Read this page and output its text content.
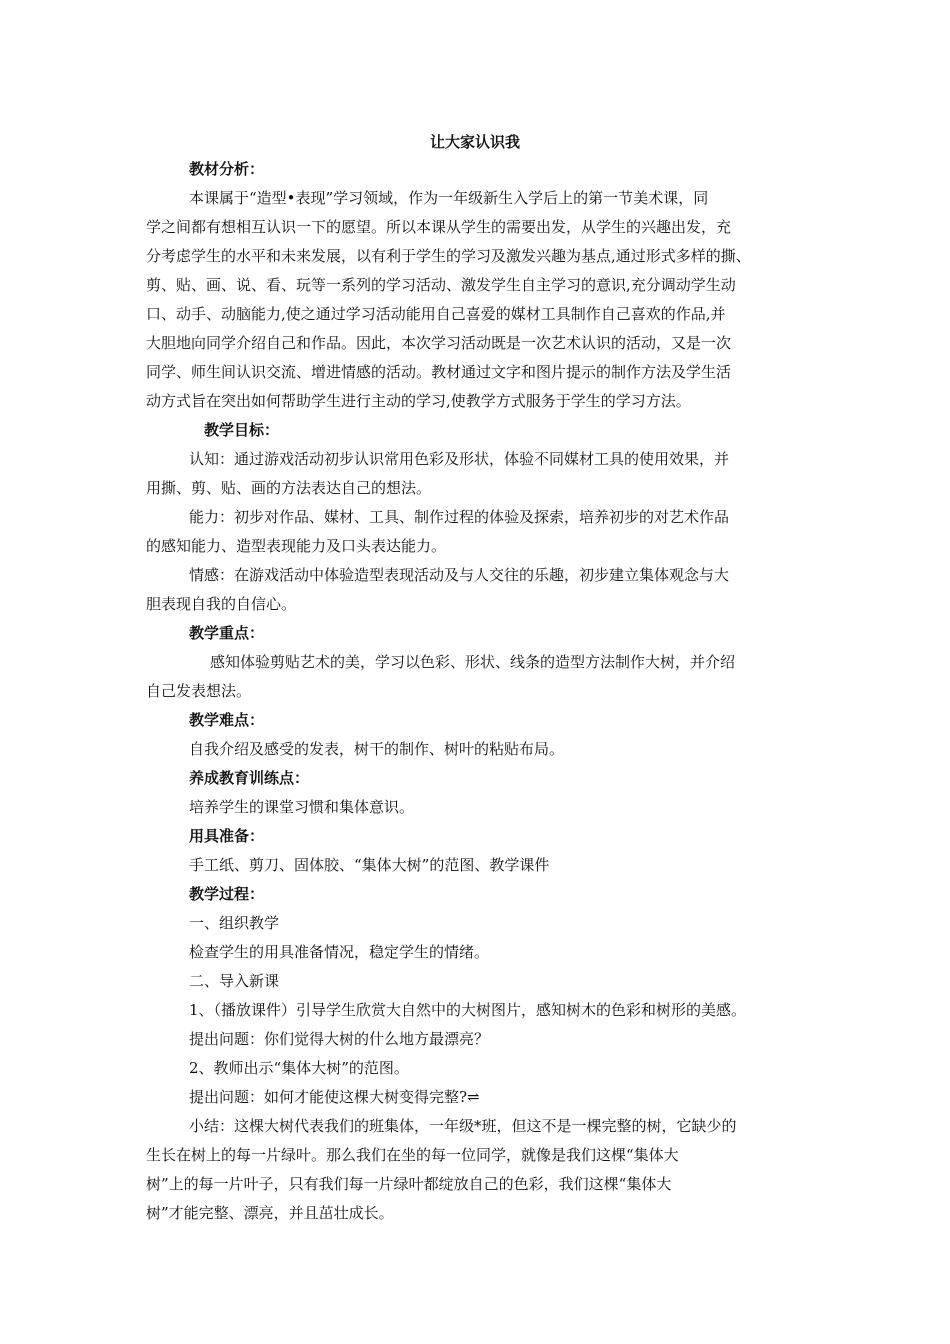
让大家认识我
教材分析：
本课属于“造型•表现”学习领域，作为一年级新生入学后上的第一节美术课，同
学之间都有想相互认识一下的愿望。所以本课从学生的需要出发，从学生的兴趣出发，充
分考虑学生的水平和未来发展，以有利于学生的学习及激发兴趣为基点,通过形式多样的撕、
剪、贴、画、说、看、玩等一系列的学习活动、激发学生自主学习的意识,充分调动学生动
口、动手、动脑能力,使之通过学习活动能用自己喜爱的媒材工具制作自己喜欢的作品,并
大胆地向同学介绍自己和作品。因此，本次学习活动既是一次艺术认识的活动，又是一次
同学、师生间认识交流、增进情感的活动。教材通过文字和图片提示的制作方法及学生活
动方式旨在突出如何帮助学生进行主动的学习,使教学方式服务于学生的学习方法。
教学目标：
认知：通过游戏活动初步认识常用色彩及形状，体验不同媒材工具的使用效果，并
用撕、剪、贴、画的方法表达自己的想法。
能力：初步对作品、媒材、工具、制作过程的体验及探索，培养初步的对艺术作品
的感知能力、造型表现能力及口头表达能力。
情感：在游戏活动中体验造型表现活动及与人交往的乐趣，初步建立集体观念与大
胆表现自我的自信心。
教学重点：
感知体验剪贴艺术的美，学习以色彩、形状、线条的造型方法制作大树，并介绍
自己发表想法。
教学难点：
自我介绍及感受的发表，树干的制作、树叶的粘贴布局。
养成教育训练点：
培养学生的课堂习惯和集体意识。
用具准备：
手工纸、剪刀、固体胶、“集体大树”的范图、教学课件
教学过程：
一、组织教学
检查学生的用具准备情况，稳定学生的情绪。
二、导入新课
1、（播放课件）引导学生欣赏大自然中的大树图片，感知树木的色彩和树形的美感。
提出问题：你们觉得大树的什么地方最漂亮？
2、教师出示“集体大树”的范图。
提出问题：如何才能使这棵大树变得完整?⇌
小结：这棵大树代表我们的班集体，一年级*班，但这不是一棵完整的树，它缺少的
生长在树上的每一片绿叶。那么我们在坐的每一位同学，就像是我们这棵“集体大
树”上的每一片叶子，只有我们每一片绿叶都绽放自己的色彩，我们这棵“集体大
树”才能完整、漂亮，并且茁壮成长。
